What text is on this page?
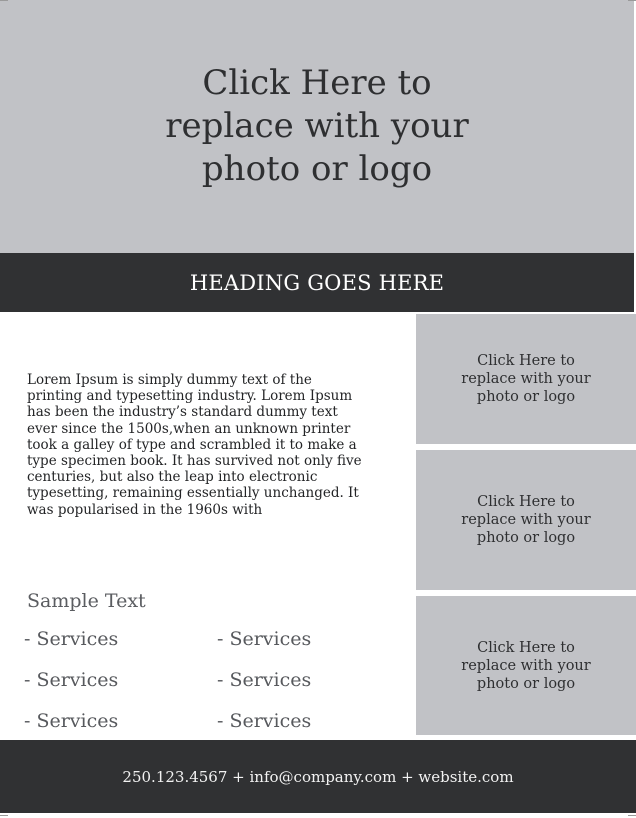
Click Here to replace with your photo or logo
HEADING GOES HERE
Lorem Ipsum is simply dummy text of the printing and typesetting industry. Lorem Ipsum has been the industry’s standard dummy text ever since the 1500s,when an unknown printer took a galley of type and scrambled it to make a type specimen book. It has survived not only five centuries, but also the leap into electronic typesetting, remaining essentially unchanged. It was popularised in the 1960s with
Sample Text
- Services	- Services
- Services	- Services
- Services	- Services
Click Here to replace with your photo or logo
Click Here to replace with your photo or logo
Click Here to replace with your photo or logo
250.123.4567 + info@company.com + website.com
